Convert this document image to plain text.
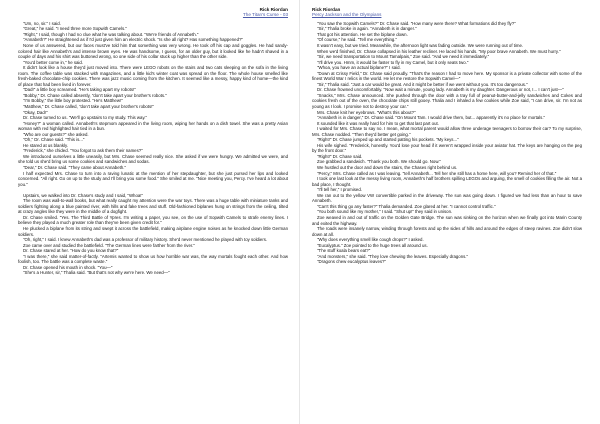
Rick Riordan
The Titan's Curse - 03

"Um, no, sir." I said.

"Great," he said. "I need three more Sopwith Camels."

"Right," I said, though I had no clue what he was talking about. "We're friends of Annabeth."

"Annabeth?" He straightened as if I'd just given him an electric shock. "Is she all right? Has something happened?"

None of us answered, but our faces must've told him that something was very wrong. He took off his cap and goggles. He had sandy-colored hair like Annabeth's and intense brown eyes. He was handsome, I guess, for an older guy, but it looked like he hadn't shaved in a couple of days and his shirt was buttoned wrong, so one side of his collar stuck up higher than the other side.

"You'd better come in," he said.

It didn't look like a house they'd just moved into. There were LEGO robots on the stairs and two cats sleeping on the sofa in the living room. The coffee table was stacked with magazines, and a little kid's winter coat was spread on the floor. The whole house smelled like fresh-baked chocolate-chip cookies. There was jazz music coming from the kitchen. It seemed like a messy, happy kind of home—the kind of place that had been lived in forever.

"Dad!" a little boy screamed. "He's taking apart my robots!"

"Bobby," Dr. Chase called absently, "don't take apart your brother's robots."

"I'm Bobby," the little boy protested. "He's Matthew!"

"Matthew," Dr. Chase called, "don't take apart your brother's robots!"

"Okay, Dad!"

Dr. Chase turned to us. "We'll go upstairs to my study. This way."

"Honey?" a woman called. Annabeth's stepmom appeared in the living room, wiping her hands on a dish towel. She was a pretty Asian woman with red highlighted hair tied in a bun.

"Who are our guests?" she asked.

"Oh," Dr. Chase said. "This is..."

He stared at us blankly.

"Frederick," she chided. "You forgot to ask them their names?"

We introduced ourselves a little uneasily, but Mrs. Chase seemed really nice. She asked if we were hungry. We admitted we were, and she told us she'd bring us some cookies and sandwiches and sodas.

"Dear," Dr. Chase said. "They came about Annabeth."

I half expected Mrs. Chase to turn into a raving lunatic at the mention of her stepdaughter, but she just pursed her lips and looked concerned. "All right. Go on up to the study and I'll bring you some food." She smiled at me. "Nice meeting you, Percy. I've heard a lot about you."

Upstairs, we walked into Dr. Chase's study and I said, "Whoa!"

The room was wall-to-wall books, but what really caught my attention were the war toys. There was a huge table with miniature tanks and soldiers fighting along a blue painted river, with hills and fake trees and stuff. Old-fashioned biplanes hung on strings from the ceiling, tilted at crazy angles like they were in the middle of a dogfight.

Dr. Chase smiled. "Yes. The Third Battle of Ypres. I'm writing a paper, you see, on the use of Sopwith Camels to strafe enemy lines. I believe they played a much greater role than they've been given credit for."

He plucked a biplane from its string and swept it across the battlefield, making airplane engine noises as he knocked down little German soldiers.

"Oh, right," I said. I knew Annabeth's dad was a professor of military history. She'd never mentioned he played with toy soldiers.

Zoe came over and studied the battlefield. "The German lines were farther from the river."

Dr. Chase stared at her. "How do you know that?"

"I was there," she said matter-of-factly. "Artemis wanted to show us how horrible war was, the way mortals fought each other. And how foolish, too. The battle was a complete waste."

Dr. Chase opened his mouth in shock. "You—"

"She's a Hunter, sir," Thalia said. "But that's not why we're here. We need—"

Rick Riordan
Percy Jackson and the Olympians

"You saw the Sopwith Camels?" Dr. Chase said. "How many were there? What formations did they fly?"

"Sir," Thalia broke in again. "Annabeth is in danger."

That got his attention. He set the biplane down.

"Of course," he said. "Tell me everything."

It wasn't easy, but we tried. Meanwhile, the afternoon light was fading outside. We were running out of time.

When we'd finished, Dr. Chase collapsed in his leather recliner. He laced his hands. "My poor brave Annabeth. We must hurry."

"Sir, we need transportation to Mount Tamalpais," Zoe said. "And we need it immediately."

"I'll drive you. Hmm, it would be faster to fly in my Camel, but it only seats two."

"Whoa, you have an actual biplane?" I said.

"Down at Crissy Field," Dr. Chase said proudly. "That's the reason I had to move here. My sponsor is a private collector with some of the finest World War I relics in the world. He let me restore the Sopwith Camel—"

"Sir," Thalia said. "Just a car would be great. And it might be better if we went without you. It's too dangerous."

Dr. Chase frowned uncomfortably. "Now wait a minute, young lady. Annabeth is my daughter. Dangerous or not, I... I can't just—"

"Snacks," Mrs. Chase announced. She pushed through the door with a tray full of peanut-butter-and-jelly sandwiches and Cokes and cookies fresh out of the oven, the chocolate chips still gooey. Thalia and I inhaled a few cookies while Zoe said, "I can drive, sir. I'm not as young as I look. I promise not to destroy your car."

Mrs. Chase knit her eyebrows. "What's this about?"

"Annabeth is in danger," Dr. Chase said. "On Mount Tam. I would drive them, but... apparently it's no place for mortals."

It sounded like it was really hard for him to get that last part out.

I waited for Mrs. Chase to say no. I mean, what mortal parent would allow three underage teenagers to borrow their car? To my surprise, Mrs. Chase nodded. "Then they'd better get going."

"Right!" Dr. Chase jumped up and started patting his pockets. "My keys..."

His wife sighed. "Frederick, honestly. You'd lose your head if it weren't wrapped inside your aviator hat. The keys are hanging on the peg by the front door."

"Right!" Dr. Chase said.

Zoe grabbed a sandwich. "Thank you both. We should go. Now."

We hustled out the door and down the stairs, the Chases right behind us.

"Percy," Mrs. Chase called as I was leaving. "tell Annabeth... Tell her she still has a home here, will you? Remind her of that."

I took one last look at the messy living room, Annabeth's half brothers spilling LEGOs and arguing, the smell of cookies filling the air. Not a bad place, I thought.

"I'll tell her," I promised.

We ran out to the yellow VW convertible parked in the driveway. The sun was going down. I figured we had less than an hour to save Annabeth.

"Can't this thing go any faster?" Thalia demanded. Zoe glared at her. "I cannot control traffic."

"You both sound like my mother," I said. "Shut up!" they said in unison.

Zoe weaved in and out of traffic on the Golden Gate Bridge. The sun was sinking on the horizon when we finally got into Marin County and exited the highway.

The roads were insanely narrow, winding through forests and up the sides of hills and around the edges of steep ravines. Zoe didn't slow down at all.

"Why does everything smell like cough drops?" I asked.

"Eucalyptus." Zoe pointed to the huge trees all around us.

"The stuff koala bears eat?"

"And monsters," she said. "They love chewing the leaves. Especially dragons."

"Dragons chew eucalyptus leaves?"
